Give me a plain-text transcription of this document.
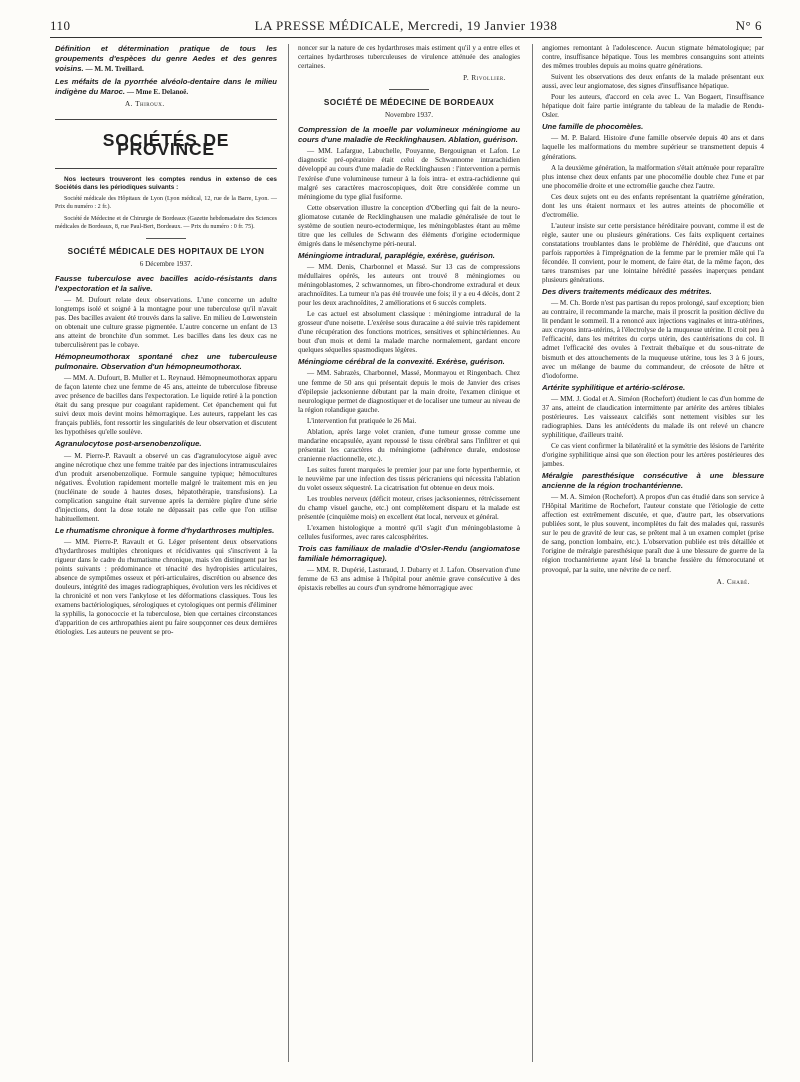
110	LA PRESSE MÉDICALE, Mercredi, 19 Janvier 1938	N° 6

Définition et détermination pratique de tous les groupements d'espèces du genre Aedes et des genres voisins. — M. M. Treillard.

Les méfaits de la pyorrhée alvéolo-dentaire dans le milieu indigène du Maroc. — Mme E. Delanoë.

A. Thiroux.

SOCIÉTÉS DE PROVINCE

Nos lecteurs trouveront les comptes rendus in extenso de ces Sociétés dans les périodiques suivants :

Société médicale des Hôpitaux de Lyon (Lyon médical, 12, rue de la Barre, Lyon. — Prix du numéro : 2 fr.).

Société de Médecine et de Chirurgie de Bordeaux (Gazette hebdomadaire des Sciences médicales de Bordeaux, 8, rue Paul-Bert, Bordeaux. — Prix du numéro : 0 fr. 75).

SOCIÉTÉ MÉDICALE DES HOPITAUX DE LYON

6 Décembre 1937.

Fausse tuberculose avec bacilles acido-résistants dans l'expectoration et la salive.

— M. Dufourt relate deux observations. L'une concerne un adulte longtemps isolé et soigné à la montagne pour une tuberculose qu'il n'avait pas. Des bacilles avaient été trouvés dans la salive. En milieu de Lœwenstein on obtenait une culture grasse pigmentée. L'autre concerne un enfant de 13 ans atteint de bronchite d'un sommet. Les bacilles dans les deux cas ne tuberculisèrent pas le cobaye.

Hémopneumothorax spontané chez une tuberculeuse pulmonaire. Observation d'un hémopneumothorax.

— MM. A. Dufourt, B. Muller et L. Reynaud. Hémopneumothorax apparu de façon latente chez une femme de 45 ans, atteinte de tuberculose fibreuse avec présence de bacilles dans l'expectoration. Le liquide retiré à la ponction était du sang presque pur coagulant rapidement. Cet épanchement qui fut suivi deux mois devint moins hémorragique. Les auteurs, rappelant les cas français publiés, font ressortir les singularités de leur observation et discutent les hypothèses qu'elle soulève.

Agranulocytose post-arsenobenzolique.

— M. Pierre-P. Ravault a observé un cas d'agranulocytose aiguë avec angine nécrotique chez une femme traitée par des injections intramusculaires d'un produit arsenobenzolique. Formule sanguine typique; hémocultures négatives. Évolution rapidement mortelle malgré le traitement mis en jeu (nucléinate de soude à hautes doses, hépatothérapie, transfusions). La complication sanguine était survenue après la dernière piqûre d'une série d'injections, dont la dose totale ne dépassait pas celle que l'on utilise habituellement.

Le rhumatisme chronique à forme d'hydarthroses multiples.

— MM. Pierre-P. Ravault et G. Léger présentent deux observations d'hydarthroses multiples chroniques et récidivantes qui s'inscrivent à la rigueur dans le cadre du rhumatisme chronique, mais s'en distinguent par les points suivants : prédominance et ténacité des hydropisies articulaires, absence de symptômes osseux et péri-articulaires, discrétion ou absence des douleurs, intégrité des images radiographiques, évolution vers les récidives et la chronicité et non vers l'ankylose et les déformations classiques. Tous les examens bactériologiques, sérologiques et cytologiques ont permis d'éliminer la syphilis, la gonococcie et la tuberculose, bien que certaines circonstances d'apparition de ces arthropathies aient pu faire soupçonner ces deux dernières étiologies. Les auteurs ne peuvent se pro-

noncer sur la nature de ces hydarthroses mais estiment qu'il y a entre elles et certaines hydarthroses tuberculeuses de virulence atténuée des analogies certaines.

P. Rivollier.

SOCIÉTÉ DE MÉDECINE DE BORDEAUX

Novembre 1937.

Compression de la moelle par volumineux méningiome au cours d'une maladie de Recklinghausen. Ablation, guérison.

— MM. Lafargue, Labuchelle, Pouyanne, Bergouignan et Lafon. Le diagnostic pré-opératoire était celui de Schwannome intrarachidien développé au cours d'une maladie de Recklinghausen : l'intervention a permis l'exérèse d'une volumineuse tumeur à la fois intra- et extra-rachidienne qui malgré ses caractères macroscopiques, doit être considérée comme un méningiome du type glial fusiforme.

Cette observation illustre la conception d'Oberling qui fait de la neuro-gliomatose cutanée de Recklinghausen une maladie généralisée de tout le système de soutien neuro-ectodermique, les méningoblastes étant au même titre que les cellules de Schwann des éléments d'origine ectodermique émigrés dans le mésenchyme péri-neural.

Méningiome intradural, paraplégie, exérèse, guérison.

— MM. Denis, Charbonnel et Massé. Sur 13 cas de compressions médullaires opérés, les auteurs ont trouvé 8 méningiomes ou méningoblastomes, 2 schwannomes, un fibro-chondrome extradural et deux arachnoïdites. La tumeur n'a pas été trouvée une fois; il y a eu 4 décès, dont 2 pour les deux arachnoïdites, 2 améliorations et 6 succès complets.

Le cas actuel est absolument classique : méningiome intradural de la grosseur d'une noisette. L'exérèse sous duracaine a été suivie très rapidement d'une récupération des fonctions motrices, sensitives et sphinctériennes. Au bout d'un mois et demi la malade marche normalement, gardant encore quelques séquelles spasmodiques légères.

Méningiome cérébral de la convexité. Exérèse, guérison.

— MM. Sabrazès, Charbonnel, Massé, Monmayou et Ringenbach. Chez une femme de 50 ans qui présentait depuis le mois de Janvier des crises d'épilepsie jacksonienne débutant par la main droite, l'examen clinique et neurologique permet de diagnostiquer et de localiser une tumeur au niveau de la région rolandique gauche.

L'intervention fut pratiquée le 26 Mai.

Ablation, après large volet cranien, d'une tumeur grosse comme une mandarine encapsulée, ayant repoussé le tissu cérébral sans l'infiltrer et qui présentait les caractères du méningiome (adhérence durale, endostose cranienne réactionnelle, etc.).

Les suites furent marquées le premier jour par une forte hyperthermie, et le neuvième par une infection des tissus péricraniens qui nécessita l'ablation du volet osseux séquestré. La cicatrisation fut obtenue en deux mois.

Les troubles nerveux (déficit moteur, crises jacksoniennes, rétrécissement du champ visuel gauche, etc.) ont complètement disparu et la malade est présentée (cinquième mois) en excellent état local, nerveux et général.

L'examen histologique a montré qu'il s'agit d'un méningoblastome à cellules fusiformes, avec rares calcosphérites.

Trois cas familiaux de maladie d'Osler-Rendu (angiomatose familiale hémorragique).

— MM. R. Dupérié, Lasturaud, J. Dubarry et J. Lafon. Observation d'une femme de 63 ans admise à l'hôpital pour anémie grave consécutive à des épistaxis rebelles au cours d'un syndrome hémorragique avec

angiomes remontant à l'adolescence. Aucun stigmate hématologique; par contre, insuffisance hépatique. Tous les membres consanguins sont atteints des mêmes troubles depuis au moins quatre générations.

Suivent les observations des deux enfants de la malade présentant eux aussi, avec leur angiomatose, des signes d'insuffisance hépatique.

Pour les auteurs, d'accord en cela avec L. Van Bogaert, l'insuffisance hépatique doit faire partie intégrante du tableau de la maladie de Rendu-Osler.

Une famille de phocomèles.

— M. P. Balard. Histoire d'une famille observée depuis 40 ans et dans laquelle les malformations du membre supérieur se transmettent depuis 4 générations.

A la deuxième génération, la malformation s'était atténuée pour reparaître plus intense chez deux enfants par une phocomélie double chez l'une et par une phocomélie droite et une ectromélie gauche chez l'autre.

Ces deux sujets ont eu des enfants représentant la quatrième génération, dont les uns étaient normaux et les autres atteints de phocomélie et d'ectromélie.

L'auteur insiste sur cette persistance héréditaire pouvant, comme il est de règle, sauter une ou plusieurs générations. Ces faits expliquent certaines constatations troublantes dans le problème de l'hérédité, que d'aucuns ont parfois rapportées à l'imprégnation de la femme par le premier mâle qui l'a fécondée. Il convient, pour le moment, de faire état, de la même façon, des tares transmises par une lointaine hérédité passées inaperçues pendant plusieurs générations.

Des divers traitements médicaux des métrites.

— M. Ch. Borde n'est pas partisan du repos prolongé, sauf exception; bien au contraire, il recommande la marche, mais il proscrit la position déclive du lit pendant le sommeil. Il a renoncé aux injections vaginales et intra-utérines, aux crayons intra-utérins, à l'électrolyse de la muqueuse utérine. Il croit peu à l'efficacité, dans les métrites du corps utérin, des cautérisations du col. Il admet l'efficacité des ovules à l'extrait thébaïque et du sous-nitrate de bismuth et des attouchements de la muqueuse utérine, tous les 3 à 6 jours, avec un mélange de baume du commandeur, de créosote de hêtre et d'iodoforme.

Artérite syphilitique et artério-sclérose.

— MM. J. Godal et A. Siméon (Rochefort) étudient le cas d'un homme de 37 ans, atteint de claudication intermittente par artérite des artères tibiales postérieures. Les vaisseaux calcifiés sont nettement visibles sur les radiographies. Dans les antécédents du malade ils ont relevé un chancre syphilitique, d'ailleurs traité.

Ce cas vient confirmer la bilatéralité et la symétrie des lésions de l'artérite d'origine syphilitique ainsi que son élection pour les artères postérieures des jambes.

Méralgie paresthésique consécutive à une blessure ancienne de la région trochantérienne.

— M. A. Siméon (Rochefort). A propos d'un cas étudié dans son service à l'Hôpital Maritime de Rochefort, l'auteur constate que l'étiologie de cette affection est extrêmement discutée, et que, d'autre part, les observations publiées sont, le plus souvent, incomplètes du fait des malades qui, rassurés sur le peu de gravité de leur cas, se prêtent mal à un examen complet (prise de sang, ponction lombaire, etc.). L'observation publiée est très détaillée et l'origine de méralgie paresthésique paraît due à une blessure de guerre de la région trochantérienne ayant lésé la branche fessière du fémorocutané et provoqué, par la suite, une névrite de ce nerf.

A. Chabé.
